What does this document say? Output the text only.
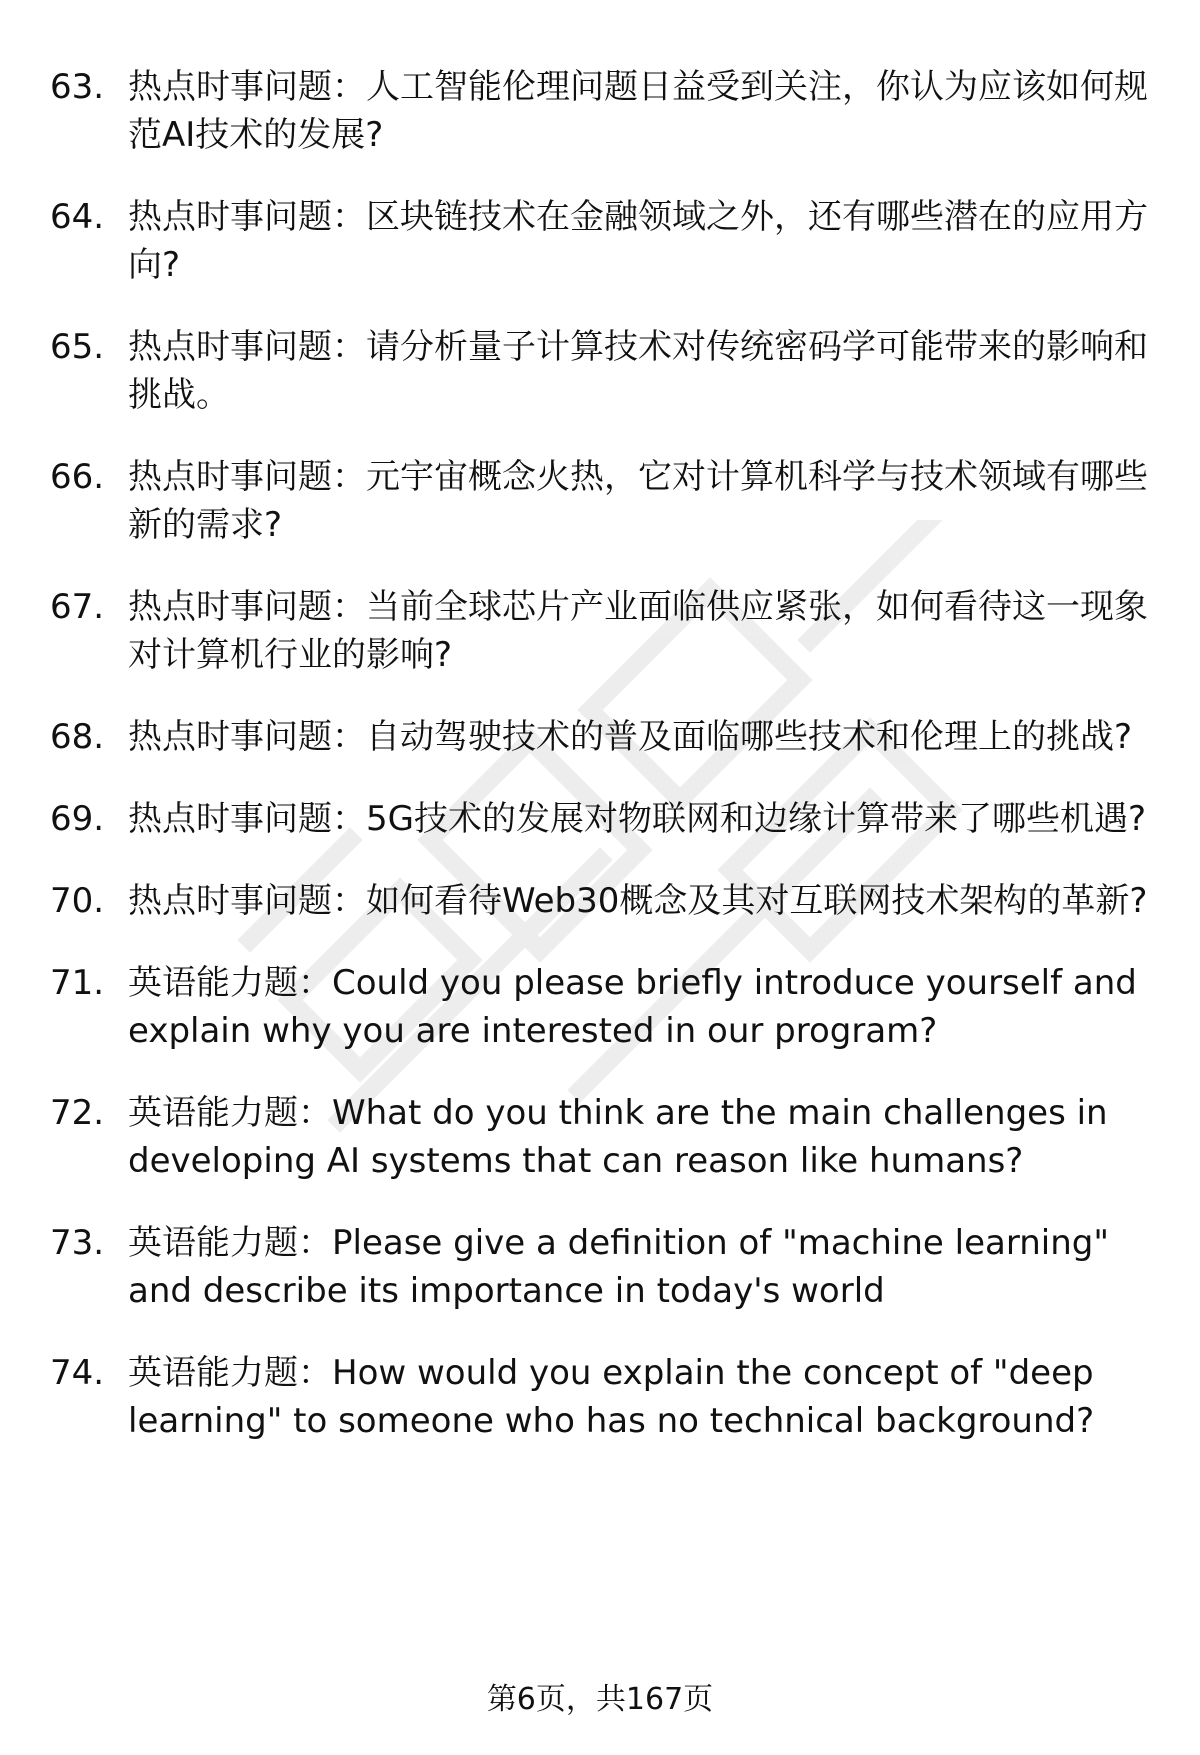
63. 热点时事问题：人工智能伦理问题日益受到关注，你认为应该如何规范AI技术的发展?
64. 热点时事问题：区块链技术在金融领域之外，还有哪些潜在的应用方向?
65. 热点时事问题：请分析量子计算技术对传统密码学可能带来的影响和挑战。
66. 热点时事问题：元宇宙概念火热，它对计算机科学与技术领域有哪些新的需求?
67. 热点时事问题：当前全球芯片产业面临供应紧张，如何看待这一现象对计算机行业的影响?
68. 热点时事问题：自动驾驶技术的普及面临哪些技术和伦理上的挑战?
69. 热点时事问题：5G技术的发展对物联网和边缘计算带来了哪些机遇?
70. 热点时事问题：如何看待Web30概念及其对互联网技术架构的革新?
71. 英语能力题：Could you please briefly introduce yourself and explain why you are interested in our program?
72. 英语能力题：What do you think are the main challenges in developing AI systems that can reason like humans?
73. 英语能力题：Please give a definition of "machine learning" and describe its importance in today's world
74. 英语能力题：How would you explain the concept of "deep learning" to someone who has no technical background?
第6页，共167页
